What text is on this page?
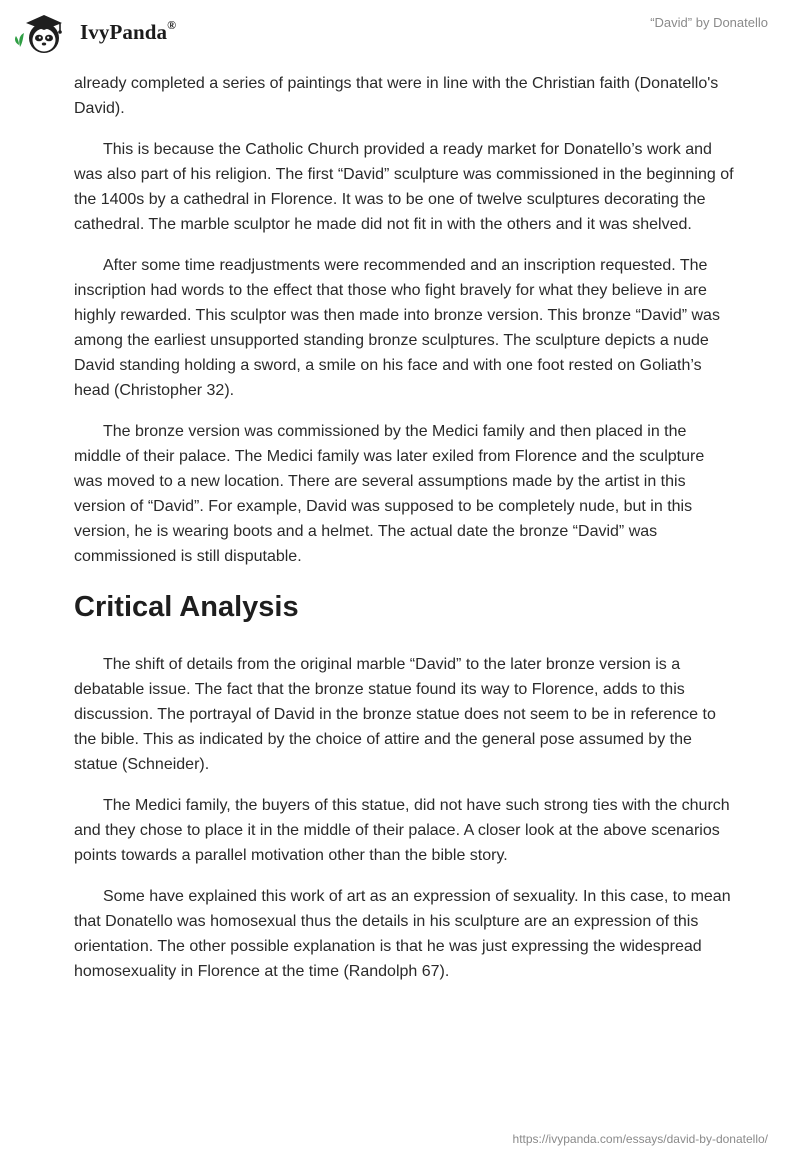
IvyPanda®	“David” by Donatello

already completed a series of paintings that were in line with the Christian faith (Donatello's David).

This is because the Catholic Church provided a ready market for Donatello’s work and was also part of his religion. The first “David” sculpture was commissioned in the beginning of the 1400s by a cathedral in Florence. It was to be one of twelve sculptures decorating the cathedral. The marble sculptor he made did not fit in with the others and it was shelved.

After some time readjustments were recommended and an inscription requested. The inscription had words to the effect that those who fight bravely for what they believe in are highly rewarded. This sculptor was then made into bronze version. This bronze “David” was among the earliest unsupported standing bronze sculptures. The sculpture depicts a nude David standing holding a sword, a smile on his face and with one foot rested on Goliath’s head (Christopher 32).

The bronze version was commissioned by the Medici family and then placed in the middle of their palace. The Medici family was later exiled from Florence and the sculpture was moved to a new location. There are several assumptions made by the artist in this version of “David”. For example, David was supposed to be completely nude, but in this version, he is wearing boots and a helmet. The actual date the bronze “David” was commissioned is still disputable.

Critical Analysis

The shift of details from the original marble “David” to the later bronze version is a debatable issue. The fact that the bronze statue found its way to Florence, adds to this discussion. The portrayal of David in the bronze statue does not seem to be in reference to the bible. This as indicated by the choice of attire and the general pose assumed by the statue (Schneider).

The Medici family, the buyers of this statue, did not have such strong ties with the church and they chose to place it in the middle of their palace. A closer look at the above scenarios points towards a parallel motivation other than the bible story.

Some have explained this work of art as an expression of sexuality. In this case, to mean that Donatello was homosexual thus the details in his sculpture are an expression of this orientation. The other possible explanation is that he was just expressing the widespread homosexuality in Florence at the time (Randolph 67).

https://ivypanda.com/essays/david-by-donatello/
